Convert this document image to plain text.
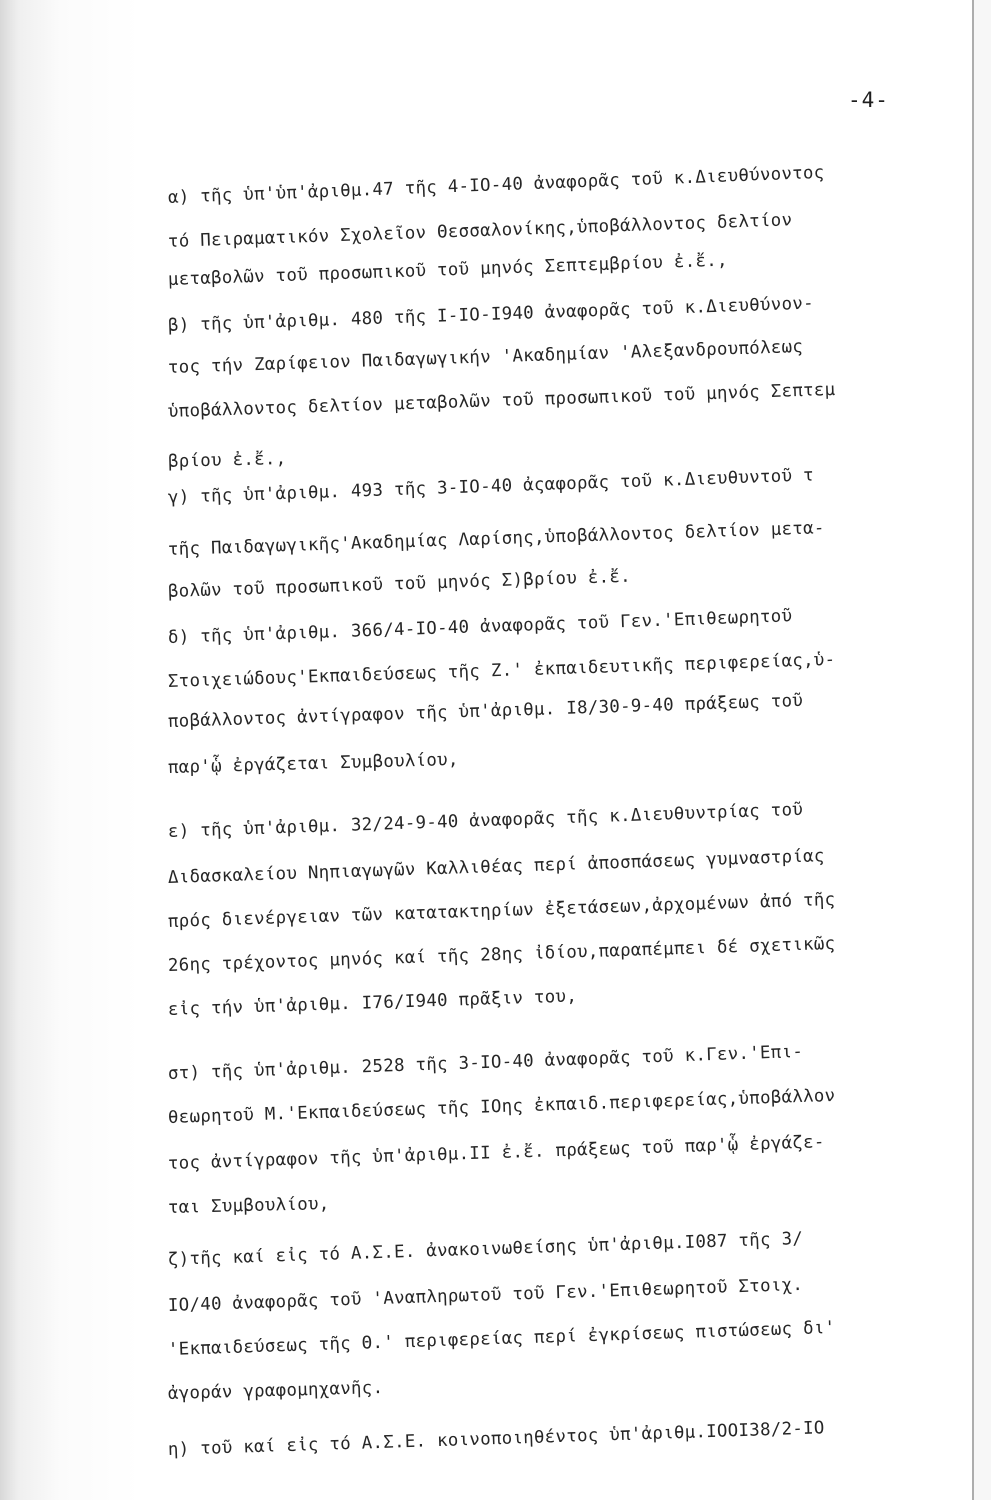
-4-
α) τῆς ὑπ'ὑπ'ἀριθμ.47 τῆς 4-IO-40 ἀναφορᾶς τοῦ κ.Διευθύνοντος
τό Πειραματικόν Σχολεῖον Θεσσαλονίκης,ὑποβάλλοντος δελτίον
μεταβολῶν τοῦ προσωπικοῦ τοῦ μηνός Σεπτεμβρίου ἐ.ἔ.,
β) τῆς ὑπ'ἀριθμ. 480 τῆς I-IO-I940 ἀναφορᾶς τοῦ κ.Διευθύνον-
τος τήν Ζαρίφειον Παιδαγωγικήν 'Ακαδημίαν 'Αλεξανδρουπόλεως
ὑποβάλλοντος δελτίον μεταβολῶν τοῦ προσωπικοῦ τοῦ μηνός Σεπτεμ
βρίου ἐ.ἔ.,
γ) τῆς ὑπ'ἀριθμ. 493 τῆς 3-IO-40 ἀςαφορᾶς τοῦ κ.Διευθυντοῦ τ
τῆς Παιδαγωγικῆς'Ακαδημίας Λαρίσης,ὑποβάλλοντος δελτίον μετα-
βολῶν τοῦ προσωπικοῦ τοῦ μηνός Σ)βρίου ἐ.ἔ.
δ) τῆς ὑπ'ἀριθμ. 366/4-IO-40 ἀναφορᾶς τοῦ Γεν.'Επιθεωρητοῦ
Στοιχειώδους'Εκπαιδεύσεως τῆς Ζ.' ἐκπαιδευτικῆς περιφερείας,ὑ-
ποβάλλοντος ἀντίγραφον τῆς ὑπ'ἀριθμ. I8/30-9-40 πράξεως τοῦ
παρ'ᾧ ἐργάζεται Συμβουλίου,
ε) τῆς ὑπ'ἀριθμ. 32/24-9-40 ἀναφορᾶς τῆς κ.Διευθυντρίας τοῦ
Διδασκαλείου Νηπιαγωγῶν Καλλιθέας περί ἀποσπάσεως γυμναστρίας
πρός διενέργειαν τῶν κατατακτηρίων ἐξετάσεων,ἀρχομένων ἀπό τῆς
26ης τρέχοντος μηνός καί τῆς 28ης ἰδίου,παραπέμπει δέ σχετικῶς
εἰς τήν ὑπ'ἀριθμ. I76/I940 πρᾶξιν του,
στ) τῆς ὑπ'ἀριθμ. 2528 τῆς 3-IO-40 ἀναφορᾶς τοῦ κ.Γεν.'Επι-
θεωρητοῦ Μ.'Εκπαιδεύσεως τῆς IΟης ἐκπαιδ.περιφερείας,ὑποβάλλον
τος ἀντίγραφον τῆς ὑπ'ἀριθμ.II ἐ.ἔ. πράξεως τοῦ παρ'ᾧ ἐργάζε-
ται Συμβουλίου,
ζ)τῆς καί εἰς τό Α.Σ.Ε. ἀνακοινωθείσης ὑπ'ἀριθμ.I087 τῆς 3/
IO/40 ἀναφορᾶς τοῦ 'Αναπληρωτοῦ τοῦ Γεν.'Επιθεωρητοῦ Στοιχ.
'Εκπαιδεύσεως τῆς Θ.' περιφερείας περί ἐγκρίσεως πιστώσεως δι'
ἀγοράν γραφομηχανῆς.
η) τοῦ καί εἰς τό Α.Σ.Ε. κοινοποιηθέντος ὑπ'ἀριθμ.IOOI38/2-IO
